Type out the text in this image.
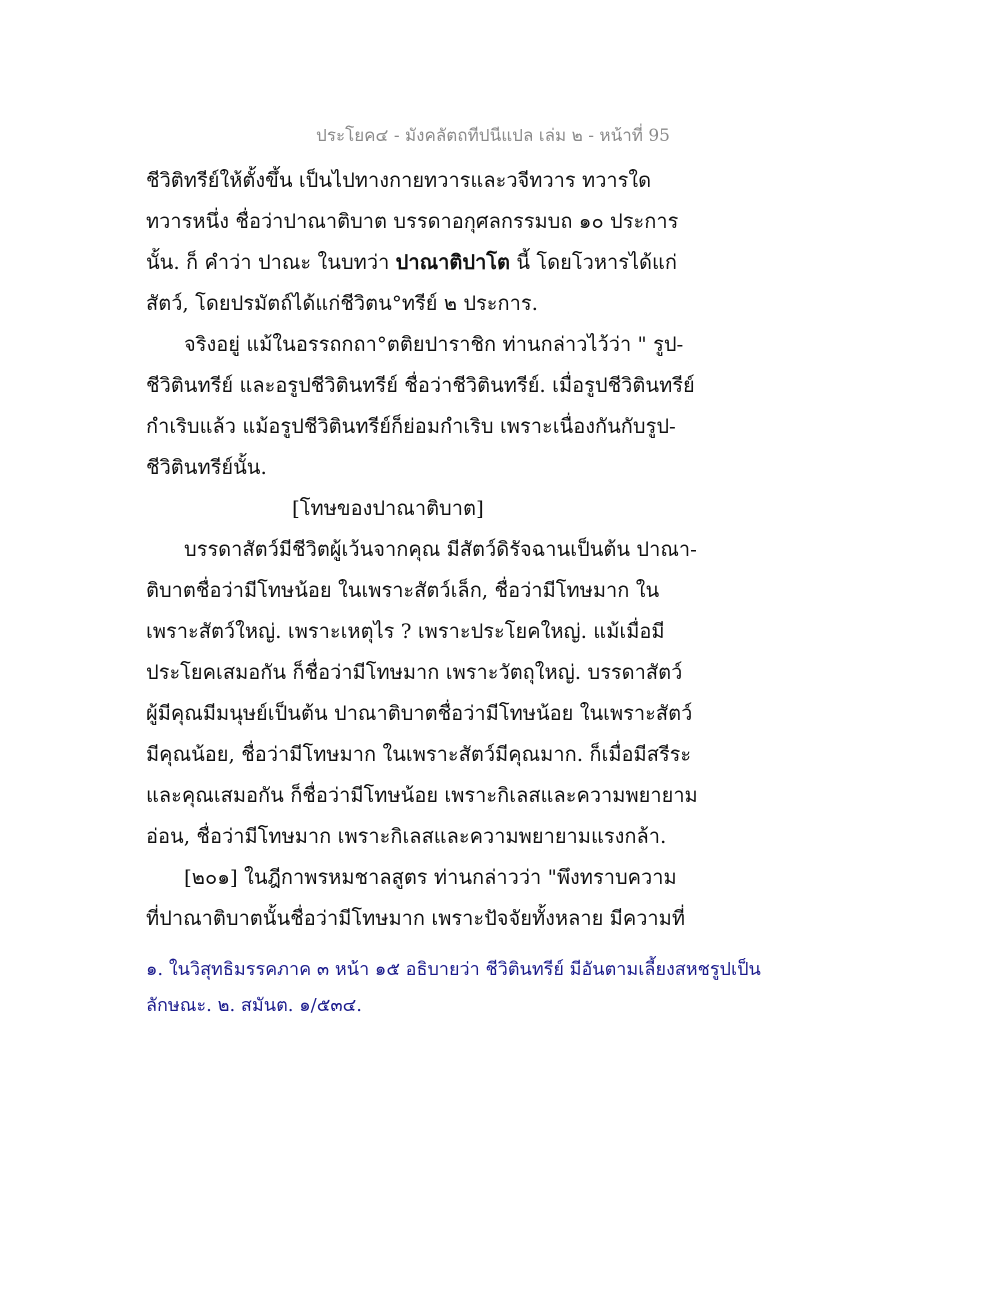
ประโยค๔ - มังคลัตถทีปนีแปล เล่ม ๒ - หน้าที่ 95
ชีวิติทรีย์ให้ตั้งขึ้น เป็นไปทางกายทวารและวจีทวาร ทวารใด
ทวารหนึ่ง ชื่อว่าปาณาติบาต บรรดาอกุศลกรรมบถ ๑๐ ประการ
นั้น. ก็ คำว่า ปาณะ ในบทว่า ปาณาติปาโต นี้ โดยโวหารได้แก่
สัตว์, โดยปรมัตถ์ได้แก่ชีวิตน°ทรีย์ ๒ ประการ.
จริงอยู่ แม้ในอรรถกถา°ตติยปาราชิก ท่านกล่าวไว้ว่า " รูป-
ชีวิตินทรีย์ และอรูปชีวิตินทรีย์ ชื่อว่าชีวิตินทรีย์. เมื่อรูปชีวิตินทรีย์
กำเริบแล้ว แม้อรูปชีวิตินทรีย์ก็ย่อมกำเริบ เพราะเนื่องกันกับรูป-
ชีวิตินทรีย์นั้น.
[โทษของปาณาติบาต]
บรรดาสัตว์มีชีวิตผู้เว้นจากคุณ มีสัตว์ดิรัจฉานเป็นต้น ปาณา-
ติบาตชื่อว่ามีโทษน้อย ในเพราะสัตว์เล็ก, ชื่อว่ามีโทษมาก ใน
เพราะสัตว์ใหญ่. เพราะเหตุไร ? เพราะประโยคใหญ่. แม้เมื่อมี
ประโยคเสมอกัน ก็ชื่อว่ามีโทษมาก เพราะวัตถุใหญ่. บรรดาสัตว์
ผู้มีคุณมีมนุษย์เป็นต้น ปาณาติบาตชื่อว่ามีโทษน้อย ในเพราะสัตว์
มีคุณน้อย, ชื่อว่ามีโทษมาก ในเพราะสัตว์มีคุณมาก. ก็เมื่อมีสรีระ
และคุณเสมอกัน ก็ชื่อว่ามีโทษน้อย เพราะกิเลสและความพยายาม
อ่อน, ชื่อว่ามีโทษมาก เพราะกิเลสและความพยายามแรงกล้า.
[๒๐๑] ในฎีกาพรหมชาลสูตร ท่านกล่าวว่า "พึงทราบความ
ที่ปาณาติบาตนั้นชื่อว่ามีโทษมาก เพราะปัจจัยทั้งหลาย มีความที่
๑. ในวิสุทธิมรรคภาค ๓ หน้า ๑๕ อธิบายว่า ชีวิตินทรีย์ มีอันตามเลี้ยงสหชรูปเป็น
ลักษณะ. ๒. สมันต. ๑/๕๓๔.
